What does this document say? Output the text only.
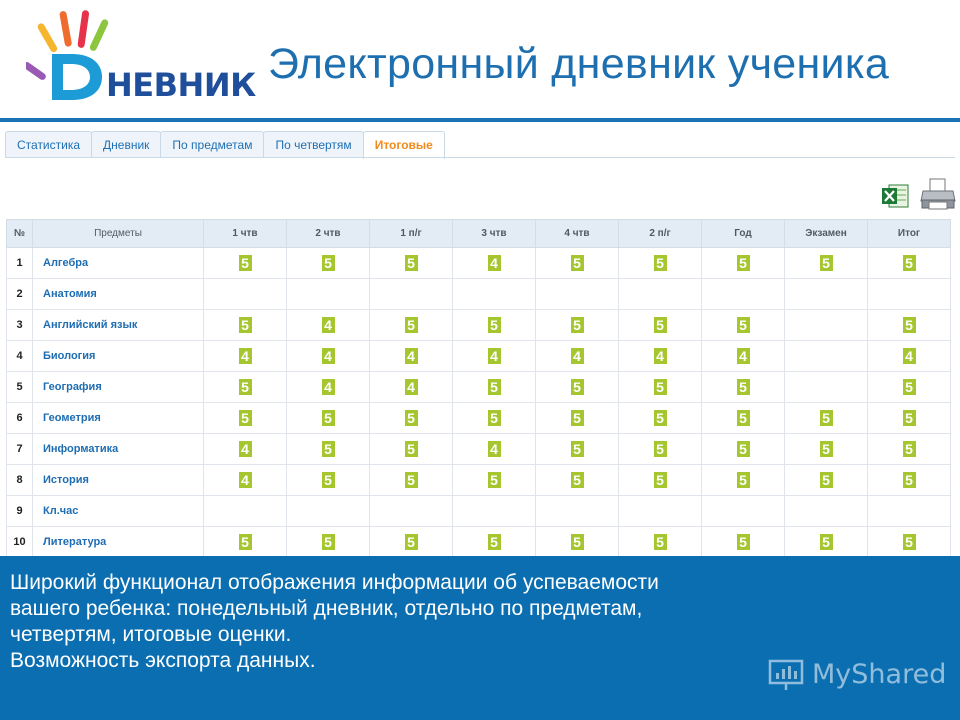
НЕВНИК Электронный дневник ученика
Статистика	Дневник	По предметам	По четвертям	Итоговые
№	Предметы	1 чтв	2 чтв	1 п/г	3 чтв	4 чтв	2 п/г	Год	Экзамен	Итог
1	Алгебра	5	5	5	4	5	5	5	5	5
2	Анатомия									
3	Английский язык	5	4	5	5	5	5	5		5
4	Биология	4	4	4	4	4	4	4		4
5	География	5	4	4	5	5	5	5		5
6	Геометрия	5	5	5	5	5	5	5	5	5
7	Информатика	4	5	5	4	5	5	5	5	5
8	История	4	5	5	5	5	5	5	5	5
9	Кл.час									
10	Литература	5	5	5	5	5	5	5	5	5
Широкий функционал отображения информации об успеваемости
вашего ребенка: понедельный дневник, отдельно по предметам,
четвертям, итоговые оценки.
Возможность экспорта данных.	MyShared
